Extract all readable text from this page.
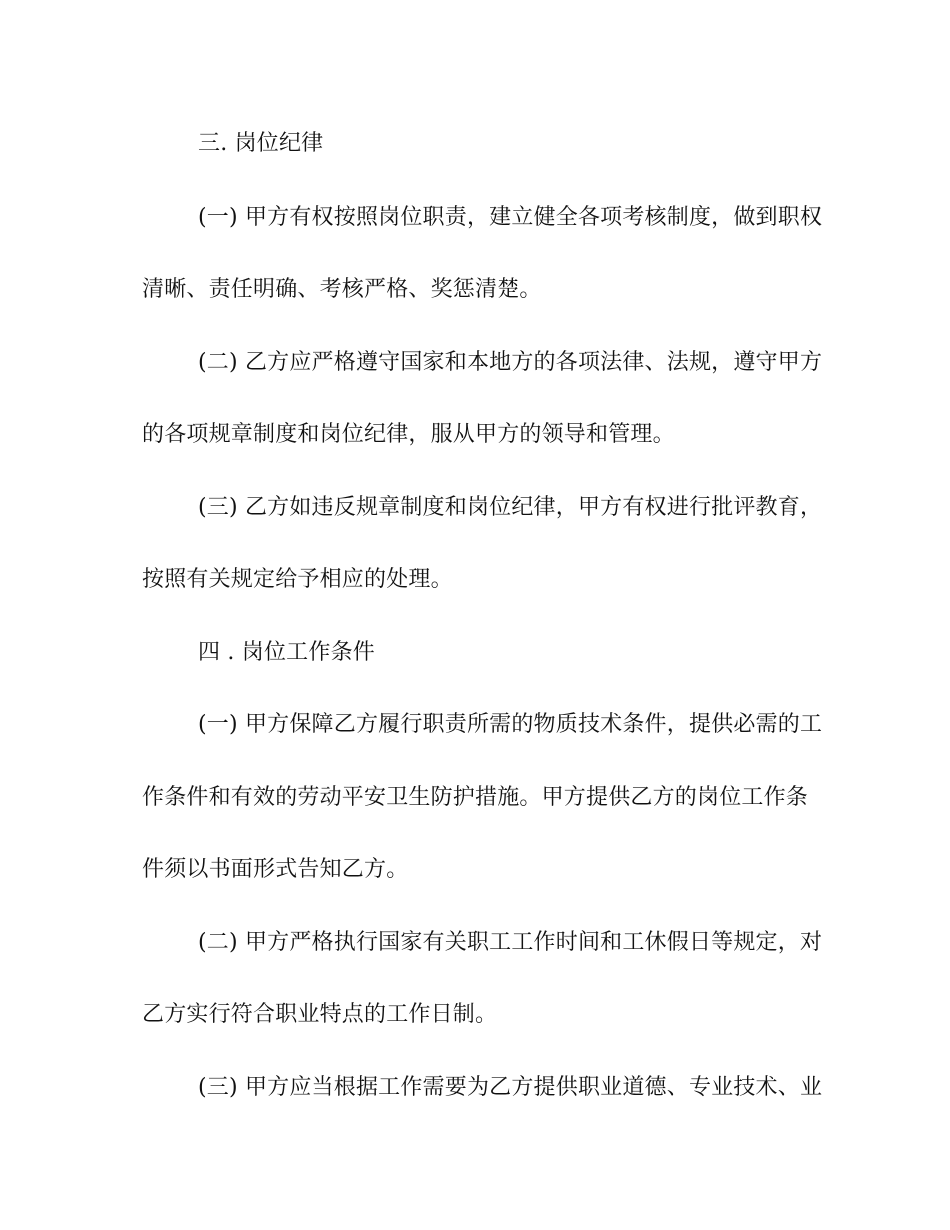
三. 岗位纪律
(一) 甲方有权按照岗位职责，建立健全各项考核制度，做到职权
清晰、责任明确、考核严格、奖惩清楚。
(二) 乙方应严格遵守国家和本地方的各项法律、法规，遵守甲方
的各项规章制度和岗位纪律，服从甲方的领导和管理。
(三) 乙方如违反规章制度和岗位纪律，甲方有权进行批评教育，
按照有关规定给予相应的处理。
四 . 岗位工作条件
(一) 甲方保障乙方履行职责所需的物质技术条件，提供必需的工
作条件和有效的劳动平安卫生防护措施。甲方提供乙方的岗位工作条
件须以书面形式告知乙方。
(二) 甲方严格执行国家有关职工工作时间和工休假日等规定，对
乙方实行符合职业特点的工作日制。
(三) 甲方应当根据工作需要为乙方提供职业道德、专业技术、业
